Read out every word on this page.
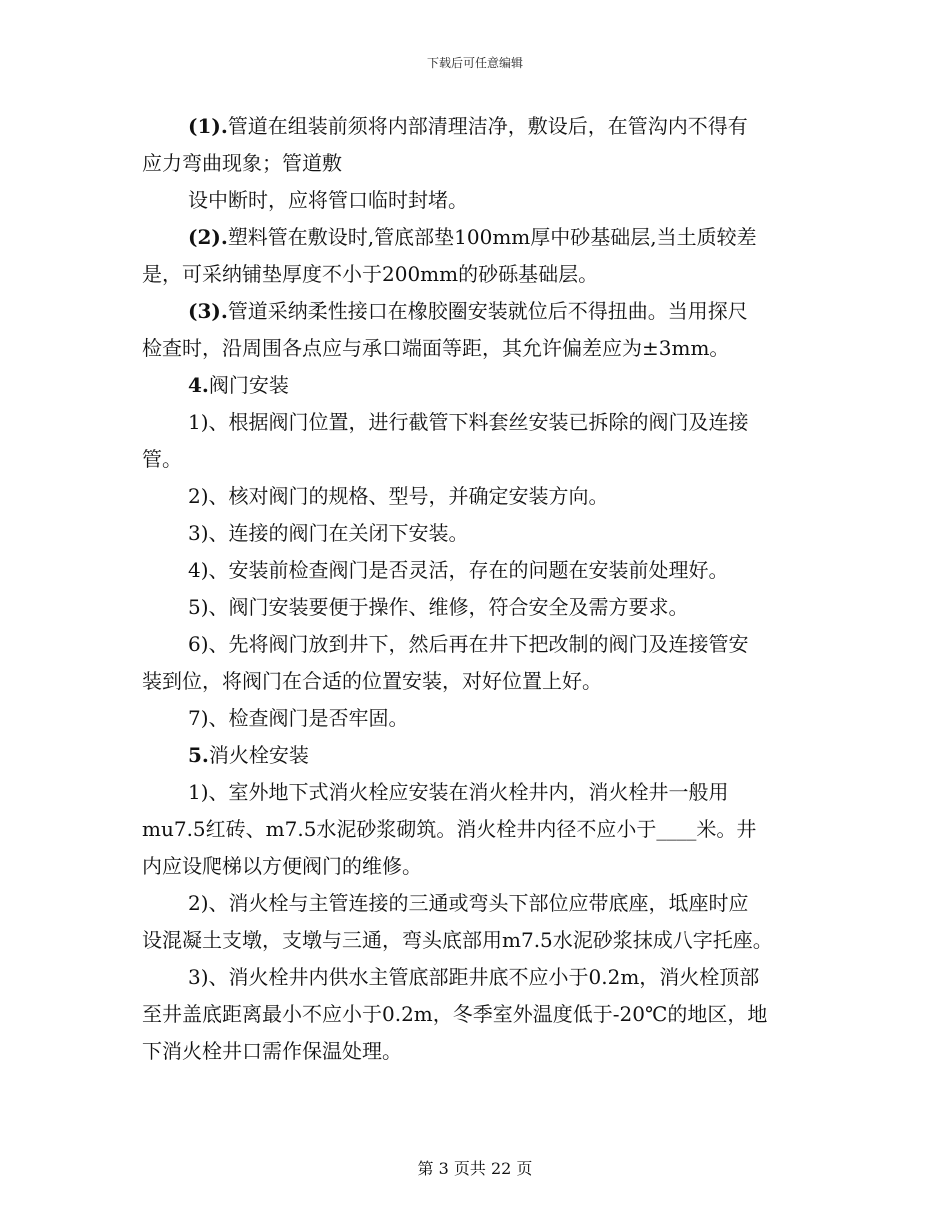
下载后可任意编辑

(1).管道在组装前须将内部清理洁净，敷设后，在管沟内不得有

应力弯曲现象；管道敷

设中断时，应将管口临时封堵。

(2).塑料管在敷设时,管底部垫100mm厚中砂基础层,当土质较差

是，可采纳铺垫厚度不小于200mm的砂砾基础层。

(3).管道采纳柔性接口在橡胶圈安装就位后不得扭曲。当用探尺

检查时，沿周围各点应与承口端面等距，其允许偏差应为±3mm。

4.阀门安装

1)、根据阀门位置，进行截管下料套丝安装已拆除的阀门及连接

管。

2)、核对阀门的规格、型号，并确定安装方向。

3)、连接的阀门在关闭下安装。

4)、安装前检查阀门是否灵活，存在的问题在安装前处理好。

5)、阀门安装要便于操作、维修，符合安全及需方要求。

6)、先将阀门放到井下，然后再在井下把改制的阀门及连接管安

装到位，将阀门在合适的位置安装，对好位置上好。

7)、检查阀门是否牢固。

5.消火栓安装

1)、室外地下式消火栓应安装在消火栓井内，消火栓井一般用

mu7.5红砖、m7.5水泥砂浆砌筑。消火栓井内径不应小于____米。井

内应设爬梯以方便阀门的维修。

2)、消火栓与主管连接的三通或弯头下部位应带底座，坻座时应

设混凝土支墩，支墩与三通，弯头底部用m7.5水泥砂浆抹成八字托座。

3)、消火栓井内供水主管底部距井底不应小于0.2m，消火栓顶部

至井盖底距离最小不应小于0.2m，冬季室外温度低于-20℃的地区，地

下消火栓井口需作保温处理。

第 3 页共 22 页
